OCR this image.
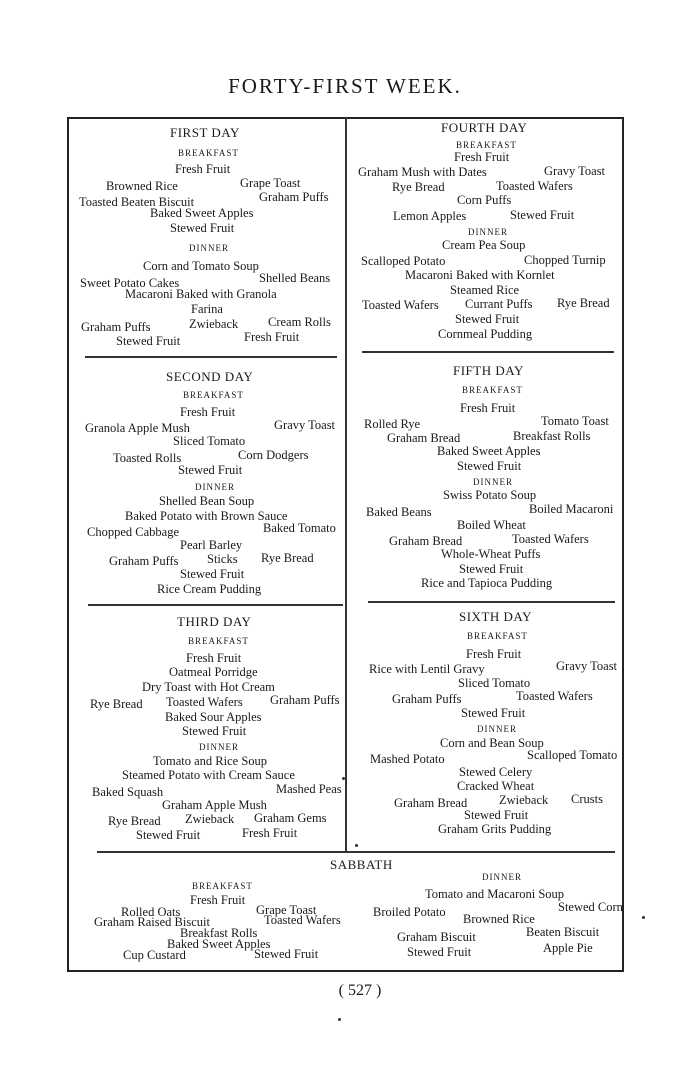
FORTY-FIRST WEEK.
FIRST DAY
BREAKFAST
Fresh Fruit
Browned Rice	Grape Toast
Toasted Beaten Biscuit	Graham Puffs
Baked Sweet Apples
Stewed Fruit
DINNER
Corn and Tomato Soup
Sweet Potato Cakes	Shelled Beans
Macaroni Baked with Granola
Farina
Graham Puffs	Zwieback Cream Rolls
Stewed Fruit	Fresh Fruit
SECOND DAY
BREAKFAST
Fresh Fruit
Granola Apple Mush	Gravy Toast
Sliced Tomato
Toasted Rolls	Corn Dodgers
Stewed Fruit
DINNER
Shelled Bean Soup
Baked Potato with Brown Sauce
Chopped Cabbage	Baked Tomato
Pearl Barley
Graham Puffs Sticks Rye Bread
Stewed Fruit
Rice Cream Pudding
THIRD DAY
BREAKFAST
Fresh Fruit
Oatmeal Porridge
Dry Toast with Hot Cream
Rye Bread Toasted Wafers Graham Puffs
Baked Sour Apples
Stewed Fruit
DINNER
Tomato and Rice Soup
Steamed Potato with Cream Sauce
Baked Squash	Mashed Peas
Graham Apple Mush
Rye Bread Zwieback Graham Gems
Stewed Fruit	Fresh Fruit
FOURTH DAY
BREAKFAST
Fresh Fruit
Graham Mush with Dates	Gravy Toast
Rye Bread	Toasted Wafers
Corn Puffs
Lemon Apples	Stewed Fruit
DINNER
Cream Pea Soup
Scalloped Potato	Chopped Turnip
Macaroni Baked with Kornlet
Steamed Rice
Toasted Wafers Currant Puffs Rye Bread
Stewed Fruit
Cornmeal Pudding
FIFTH DAY
BREAKFAST
Fresh Fruit
Rolled Rye	Tomato Toast
Graham Bread	Breakfast Rolls
Baked Sweet Apples
Stewed Fruit
DINNER
Swiss Potato Soup
Baked Beans	Boiled Macaroni
Boiled Wheat
Graham Bread	Toasted Wafers
Whole-Wheat Puffs
Stewed Fruit
Rice and Tapioca Pudding
SIXTH DAY
BREAKFAST
Fresh Fruit
Rice with Lentil Gravy	Gravy Toast
Sliced Tomato
Graham Puffs	Toasted Wafers
Stewed Fruit
DINNER
Corn and Bean Soup
Mashed Potato	Scalloped Tomato
Stewed Celery
Cracked Wheat
Graham Bread	Zwieback Crusts
Stewed Fruit
Graham Grits Pudding
SABBATH
BREAKFAST
Fresh Fruit
Rolled Oats	Grape Toast
Graham Raised Biscuit	Toasted Wafers
Breakfast Rolls
Baked Sweet Apples
Cup Custard	Stewed Fruit
DINNER
Tomato and Macaroni Soup
Broiled Potato	Stewed Corn
Browned Rice
Graham Biscuit	Beaten Biscuit
Stewed Fruit	Apple Pie
( 527 )
